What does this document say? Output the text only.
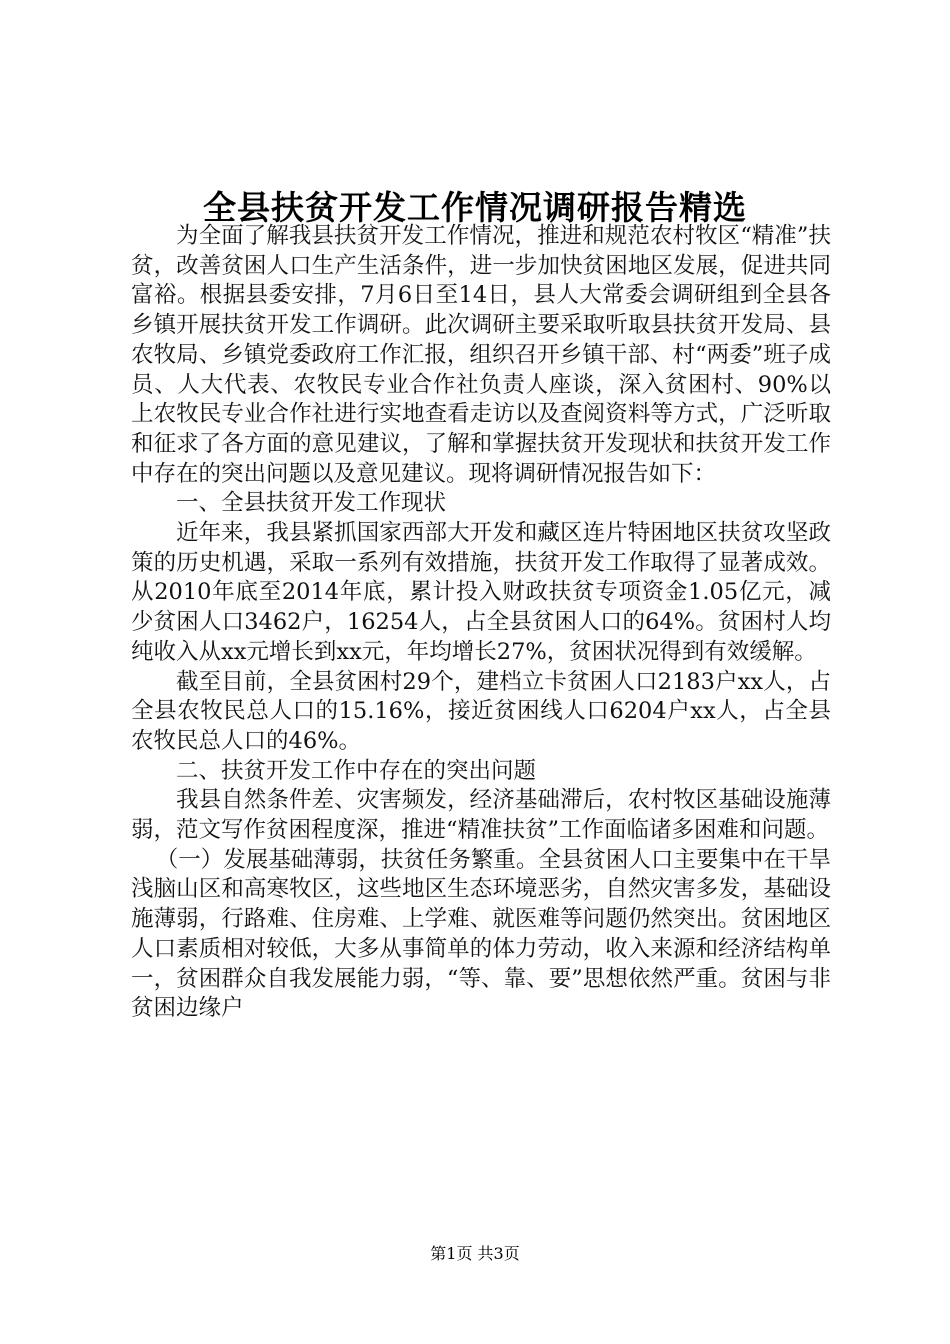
全县扶贫开发工作情况调研报告精选

为全面了解我县扶贫开发工作情况，推进和规范农村牧区“精准”扶贫，改善贫困人口生产生活条件，进一步加快贫困地区发展，促进共同富裕。根据县委安排，7月6日至14日，县人大常委会调研组到全县各乡镇开展扶贫开发工作调研。此次调研主要采取听取县扶贫开发局、县农牧局、乡镇党委政府工作汇报，组织召开乡镇干部、村“两委”班子成员、人大代表、农牧民专业合作社负责人座谈，深入贫困村、90%以上农牧民专业合作社进行实地查看走访以及查阅资料等方式，广泛听取和征求了各方面的意见建议，了解和掌握扶贫开发现状和扶贫开发工作中存在的突出问题以及意见建议。现将调研情况报告如下：

一、全县扶贫开发工作现状

近年来，我县紧抓国家西部大开发和藏区连片特困地区扶贫攻坚政策的历史机遇，采取一系列有效措施，扶贫开发工作取得了显著成效。从2010年底至2014年底，累计投入财政扶贫专项资金1.05亿元，减少贫困人口3462户，16254人，占全县贫困人口的64%。贫困村人均纯收入从xx元增长到xx元，年均增长27%，贫困状况得到有效缓解。

截至目前，全县贫困村29个，建档立卡贫困人口2183户xx人，占全县农牧民总人口的15.16%，接近贫困线人口6204户xx人，占全县农牧民总人口的46%。

二、扶贫开发工作中存在的突出问题

我县自然条件差、灾害频发，经济基础滞后，农村牧区基础设施薄弱，范文写作贫困程度深，推进“精准扶贫”工作面临诸多困难和问题。

（一）发展基础薄弱，扶贫任务繁重。全县贫困人口主要集中在干旱浅脑山区和高寒牧区，这些地区生态环境恶劣，自然灾害多发，基础设施薄弱，行路难、住房难、上学难、就医难等问题仍然突出。贫困地区人口素质相对较低，大多从事简单的体力劳动，收入来源和经济结构单一，贫困群众自我发展能力弱，“等、靠、要”思想依然严重。贫困与非贫困边缘户

第1页 共3页
